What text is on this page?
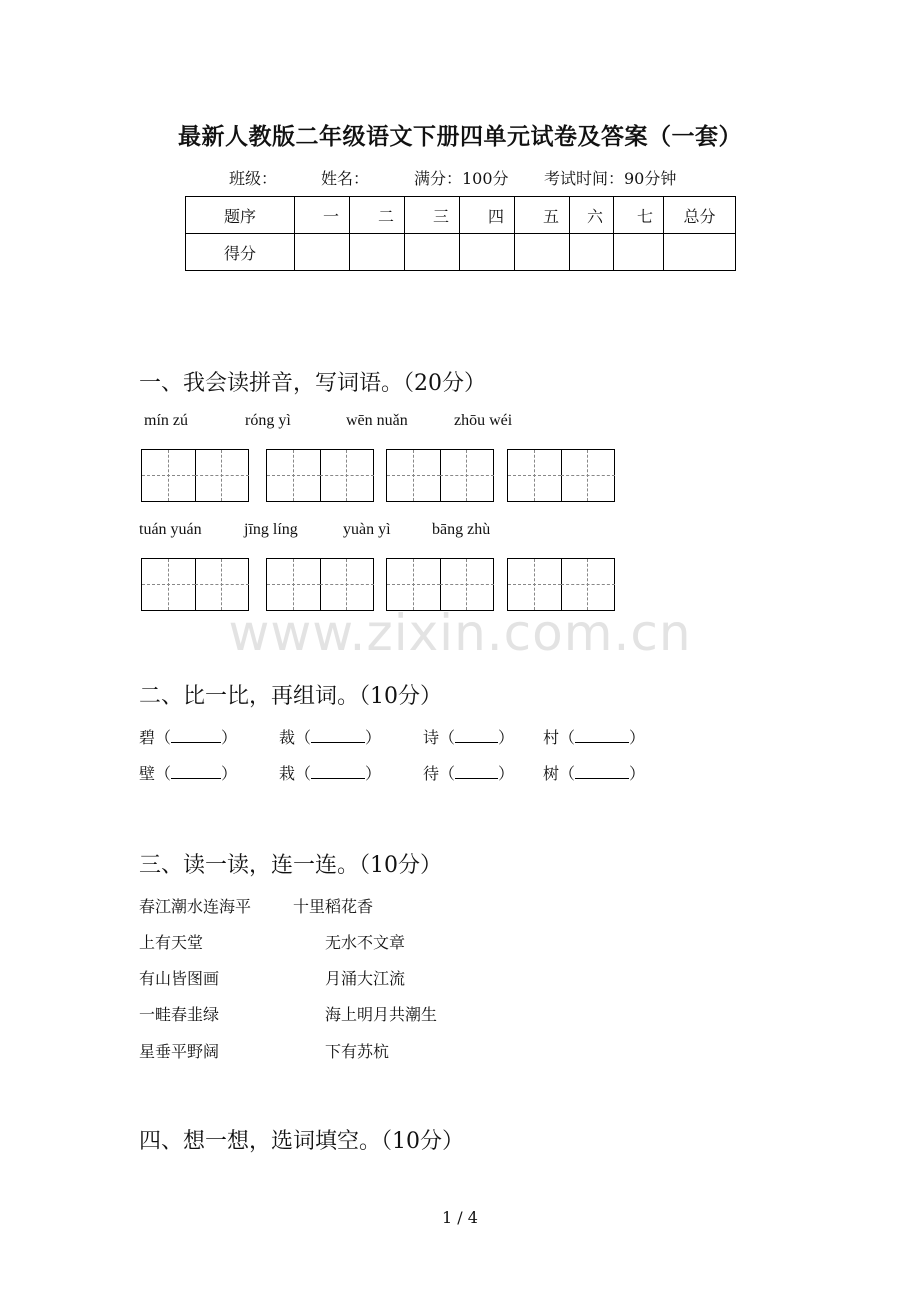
最新人教版二年级语文下册四单元试卷及答案（一套）
班级：	姓名：	满分：100分 考试时间：90分钟
题序	一	二	三	四	五	六	七	总分
得分								
一、我会读拼音，写词语。（20分）
mín zú	róng yì	wēn nuǎn	zhōu wéi
tuán yuán	jīng líng	yuàn yì	bāng zhù
www.zixin.com.cn
二、比一比，再组词。（10分）
碧（	）	裁（	）	诗（	） 村（	）
壁（	）	栽（	）	待（	） 树（	）
三、读一读，连一连。（10分）
春江潮水连海平	十里稻花香
上有天堂	无水不文章
有山皆图画	月涌大江流
一畦春韭绿	海上明月共潮生
星垂平野阔	下有苏杭
四、想一想，选词填空。（10分）
1 / 4
